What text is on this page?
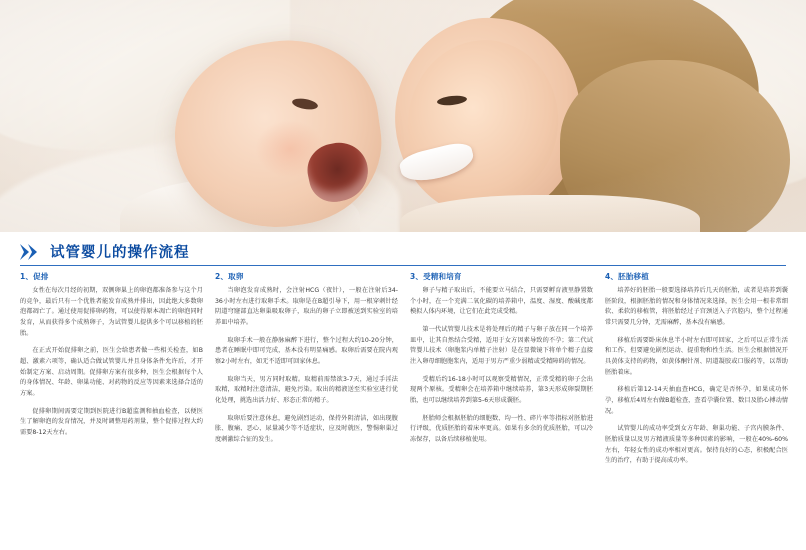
试管婴儿的操作流程
1、促排

女性在每次月经的初期，双侧卵巢上的卵泡都准备参与这个月的竞争，最后只有一个优胜者能发育成熟并排出，因此绝大多数卵泡都凋亡了。通过使用促排卵药物，可以使得原本凋亡的卵泡同时发育，从而获得多个成熟卵子，为试管婴儿提供多个可以移植的胚胎。

在正式开始促排卵之前，医生会给患者做一些相关检查，如B超、激素六项等，确认适合做试管婴儿并且身体条件允许后，才开始制定方案、启动周期。促排卵方案有很多种，医生会根据每个人的身体情况、年龄、卵巢功能、对药物的反应等因素来选择合适的方案。

促排卵期间需要定期到医院进行B超监测和抽血检查，以便医生了解卵泡的发育情况，并及时调整用药剂量，整个促排过程大约需要8-12天左右。

2、取卵

当卵泡发育成熟时，会注射HCG（夜针），一般在注射后34-36小时左右进行取卵手术。取卵是在B超引导下，用一根穿刺针经阴道穹窿部直达卵巢吸取卵子，取出的卵子立即被送到实验室的培养皿中培养。

取卵手术一般在静脉麻醉下进行，整个过程大约10-20分钟，患者在睡眠中即可完成，基本没有明显痛感。取卵后需要在院内观察2小时左右，如无不适即可回家休息。

取卵当天，男方同时取精。取精前需禁欲3-7天，通过手淫法取精，取精时注意清洁，避免污染。取出的精液送至实验室进行优化处理，挑选出活力好、形态正常的精子。

取卵后要注意休息，避免剧烈运动，保持外阴清洁，如出现腹胀、腹痛、恶心、尿量减少等不适症状，应及时就医，警惕卵巢过度刺激综合征的发生。

3、受精和培育

卵子与精子取出后，不能要立马结合，只需要孵育液里静置数个小时，在一个充满二氧化碳的培养箱中，温度、湿度、酸碱度都模拟人体内环境，让它们在此完成受精。

第一代试管婴儿技术是将处理后的精子与卵子放在同一个培养皿中，让其自然结合受精，适用于女方因素导致的不孕；第二代试管婴儿技术（卵胞浆内单精子注射）是在显微镜下将单个精子直接注入卵母细胞胞浆内，适用于男方严重少弱精或受精障碍的情况。

受精后约16-18小时可以观察受精情况，正常受精的卵子会出现两个原核。受精卵会在培养箱中继续培养，第3天形成卵裂期胚胎，也可以继续培养到第5-6天形成囊胚。

胚胎师会根据胚胎的细胞数、均一性、碎片率等指标对胚胎进行评级，优质胚胎的着床率更高。如果有多余的优质胚胎，可以冷冻保存，以备后续移植使用。

4、胚胎移植

培养好的胚胎一般要选择培养后几天的胚胎，或者是培养到囊胚阶段，根据胚胎的情况和身体情况来选择，医生会用一根非常细软、柔软的移植管，将胚胎经过子宫颈送入子宫腔内，整个过程通常只需要几分钟，无需麻醉，基本没有痛感。

移植后需要卧床休息半小时左右即可回家，之后可以正常生活和工作，但要避免剧烈运动、提重物和性生活。医生会根据情况开具黄体支持的药物，如黄体酮针剂、阴道凝胶或口服药等，以帮助胚胎着床。

移植后第12-14天抽血查HCG，确定是否怀孕，如果成功怀孕，移植后4周左右做B超检查，查看孕囊位置、数目及胎心搏动情况。

试管婴儿的成功率受到女方年龄、卵巢功能、子宫内膜条件、胚胎质量以及男方精液质量等多种因素的影响，一般在40%-60%左右，年轻女性的成功率相对更高。保持良好的心态，积极配合医生的治疗，有助于提高成功率。
